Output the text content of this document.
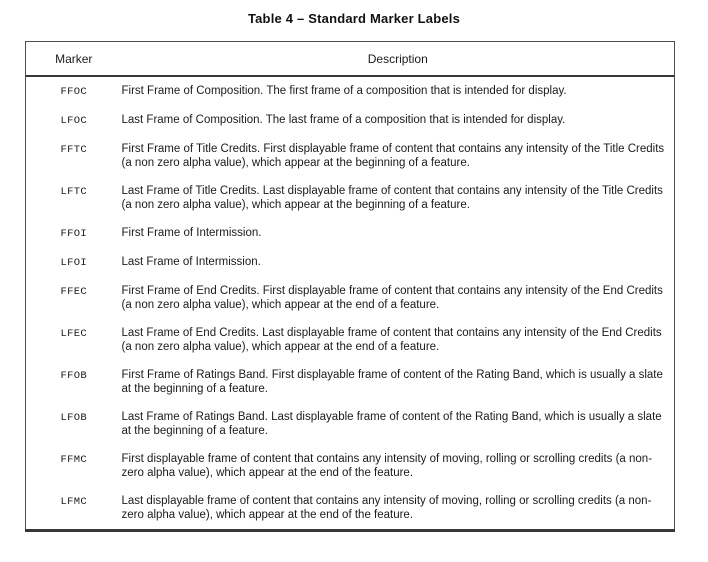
Table 4 – Standard Marker Labels
Marker	Description
FFOC	First Frame of Composition. The first frame of a composition that is intended for display.
LFOC	Last Frame of Composition. The last frame of a composition that is intended for display.
FFTC	First Frame of Title Credits. First displayable frame of content that contains any intensity of the Title Credits (a non zero alpha value), which appear at the beginning of a feature.
LFTC	Last Frame of Title Credits. Last displayable frame of content that contains any intensity of the Title Credits (a non zero alpha value), which appear at the beginning of a feature.
FFOI	First Frame of Intermission.
LFOI	Last Frame of Intermission.
FFEC	First Frame of End Credits. First displayable frame of content that contains any intensity of the End Credits (a non zero alpha value), which appear at the end of a feature.
LFEC	Last Frame of End Credits. Last displayable frame of content that contains any intensity of the End Credits (a non zero alpha value), which appear at the end of a feature.
FFOB	First Frame of Ratings Band. First displayable frame of content of the Rating Band, which is usually a slate at the beginning of a feature.
LFOB	Last Frame of Ratings Band. Last displayable frame of content of the Rating Band, which is usually a slate at the beginning of a feature.
FFMC	First displayable frame of content that contains any intensity of moving, rolling or scrolling credits (a non-zero alpha value), which appear at the end of the feature.
LFMC	Last displayable frame of content that contains any intensity of moving, rolling or scrolling credits (a non-zero alpha value), which appear at the end of the feature.
